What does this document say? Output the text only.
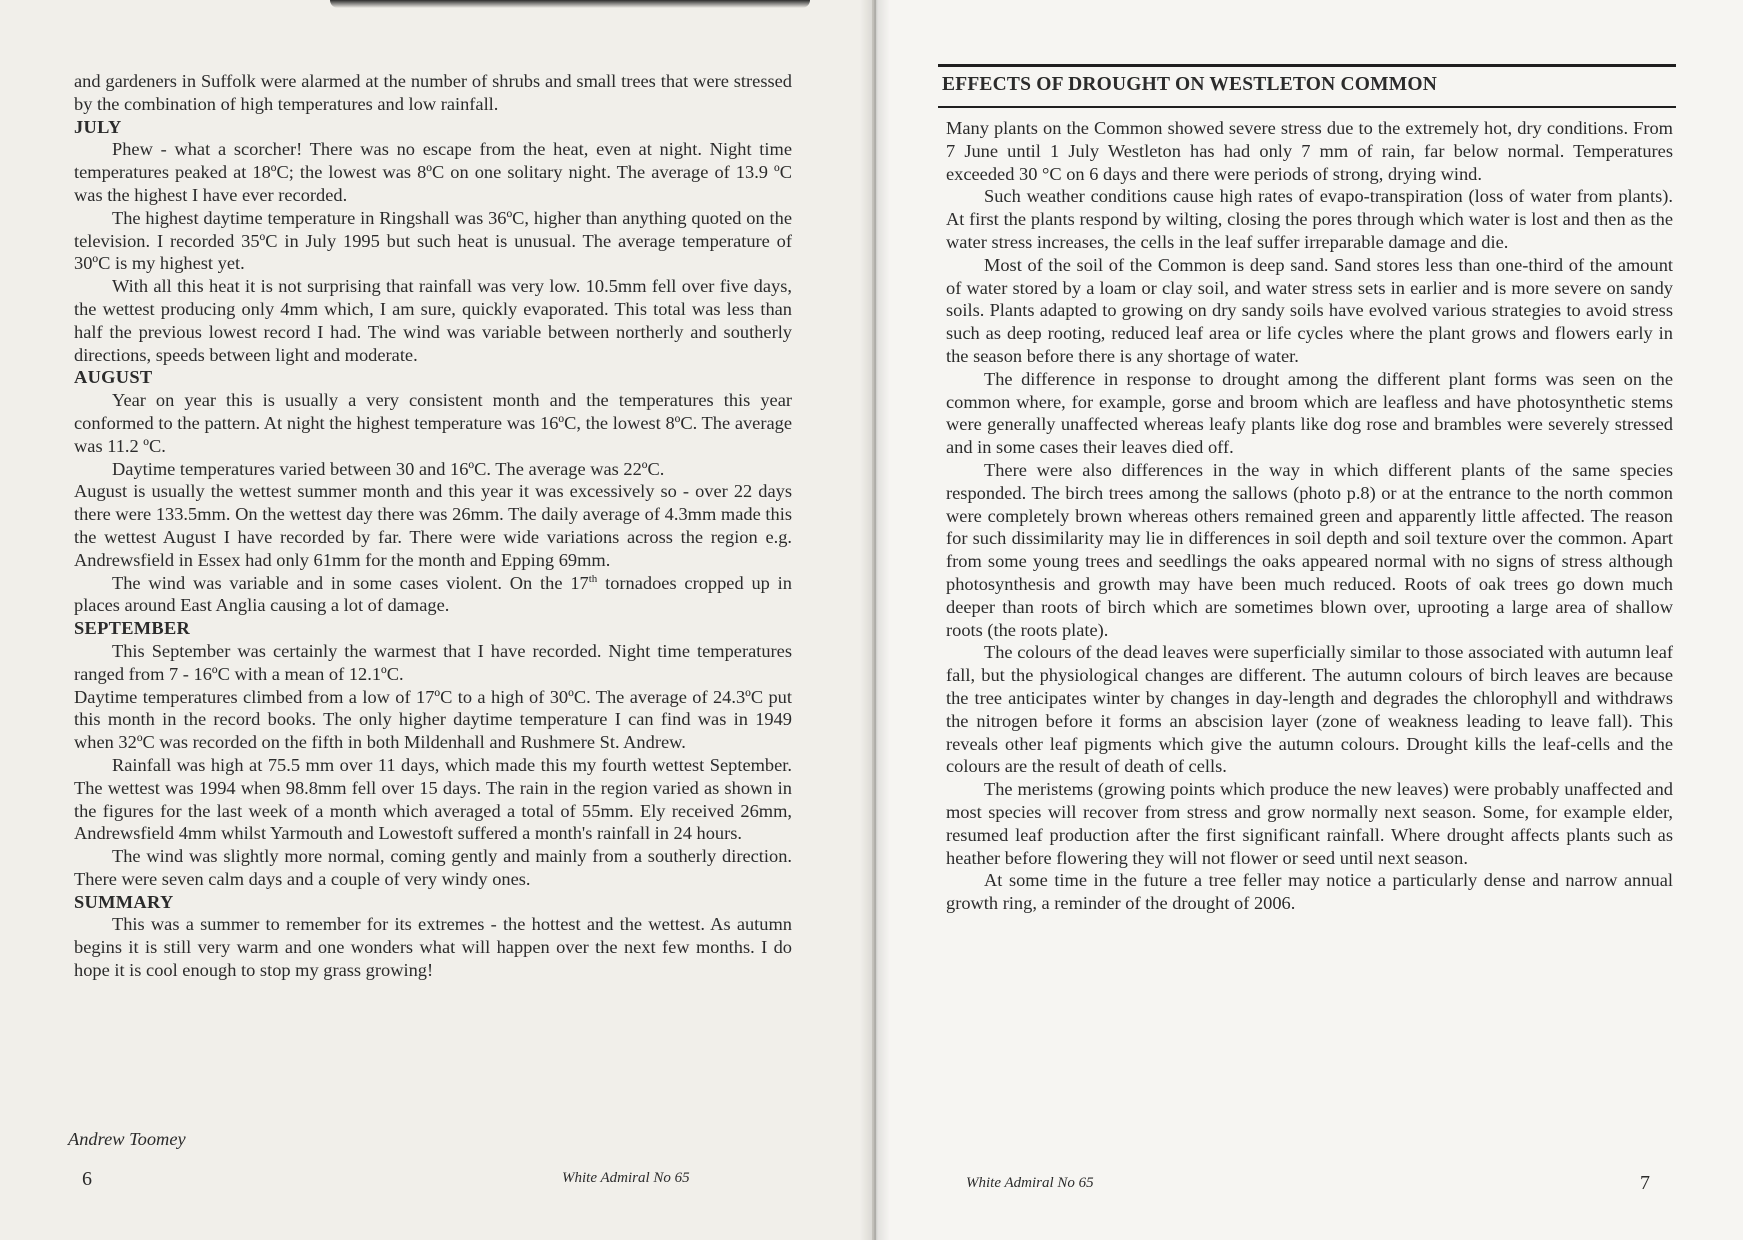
and gardeners in Suffolk were alarmed at the number of shrubs and small trees that were stressed by the combination of high temperatures and low rainfall.

JULY

Phew - what a scorcher! There was no escape from the heat, even at night. Night time temperatures peaked at 18ºC; the lowest was 8ºC on one solitary night. The average of 13.9 ºC was the highest I have ever recorded.

The highest daytime temperature in Ringshall was 36ºC, higher than anything quoted on the television. I recorded 35ºC in July 1995 but such heat is unusual. The average temperature of 30ºC is my highest yet.

With all this heat it is not surprising that rainfall was very low. 10.5mm fell over five days, the wettest producing only 4mm which, I am sure, quickly evaporated. This total was less than half the previous lowest record I had. The wind was variable between northerly and southerly directions, speeds between light and moderate.

AUGUST

Year on year this is usually a very consistent month and the temperatures this year conformed to the pattern. At night the highest temperature was 16ºC, the lowest 8ºC. The average was 11.2 ºC.

Daytime temperatures varied between 30 and 16ºC. The average was 22ºC.

August is usually the wettest summer month and this year it was excessively so - over 22 days there were 133.5mm. On the wettest day there was 26mm. The daily average of 4.3mm made this the wettest August I have recorded by far. There were wide variations across the region e.g. Andrewsfield in Essex had only 61mm for the month and Epping 69mm.

The wind was variable and in some cases violent. On the 17th tornadoes cropped up in places around East Anglia causing a lot of damage.

SEPTEMBER

This September was certainly the warmest that I have recorded. Night time temperatures ranged from 7 - 16ºC with a mean of 12.1ºC.

Daytime temperatures climbed from a low of 17ºC to a high of 30ºC. The average of 24.3ºC put this month in the record books. The only higher daytime temperature I can find was in 1949 when 32ºC was recorded on the fifth in both Mildenhall and Rushmere St. Andrew.

Rainfall was high at 75.5 mm over 11 days, which made this my fourth wettest September. The wettest was 1994 when 98.8mm fell over 15 days. The rain in the region varied as shown in the figures for the last week of a month which averaged a total of 55mm. Ely received 26mm, Andrewsfield 4mm whilst Yarmouth and Lowestoft suffered a month's rainfall in 24 hours.

The wind was slightly more normal, coming gently and mainly from a southerly direction. There were seven calm days and a couple of very windy ones.

SUMMARY

This was a summer to remember for its extremes - the hottest and the wettest. As autumn begins it is still very warm and one wonders what will happen over the next few months. I do hope it is cool enough to stop my grass growing!

Andrew Toomey
6	White Admiral No 65
EFFECTS OF DROUGHT ON WESTLETON COMMON

Many plants on the Common showed severe stress due to the extremely hot, dry conditions. From 7 June until 1 July Westleton has had only 7 mm of rain, far below normal. Temperatures exceeded 30 °C on 6 days and there were periods of strong, drying wind.

Such weather conditions cause high rates of evapo-transpiration (loss of water from plants). At first the plants respond by wilting, closing the pores through which water is lost and then as the water stress increases, the cells in the leaf suffer irreparable damage and die.

Most of the soil of the Common is deep sand. Sand stores less than one-third of the amount of water stored by a loam or clay soil, and water stress sets in earlier and is more severe on sandy soils. Plants adapted to growing on dry sandy soils have evolved various strategies to avoid stress such as deep rooting, reduced leaf area or life cycles where the plant grows and flowers early in the season before there is any shortage of water.

The difference in response to drought among the different plant forms was seen on the common where, for example, gorse and broom which are leafless and have photosynthetic stems were generally unaffected whereas leafy plants like dog rose and brambles were severely stressed and in some cases their leaves died off.

There were also differences in the way in which different plants of the same species responded. The birch trees among the sallows (photo p.8) or at the entrance to the north common were completely brown whereas others remained green and apparently little affected. The reason for such dissimilarity may lie in differences in soil depth and soil texture over the common. Apart from some young trees and seedlings the oaks appeared normal with no signs of stress although photosynthesis and growth may have been much reduced. Roots of oak trees go down much deeper than roots of birch which are sometimes blown over, uprooting a large area of shallow roots (the roots plate).

The colours of the dead leaves were superficially similar to those associated with autumn leaf fall, but the physiological changes are different. The autumn colours of birch leaves are because the tree anticipates winter by changes in day-length and degrades the chlorophyll and withdraws the nitrogen before it forms an abscision layer (zone of weakness leading to leave fall). This reveals other leaf pigments which give the autumn colours. Drought kills the leaf-cells and the colours are the result of death of cells.

The meristems (growing points which produce the new leaves) were probably unaffected and most species will recover from stress and grow normally next season. Some, for example elder, resumed leaf production after the first significant rainfall. Where drought affects plants such as heather before flowering they will not flower or seed until next season.

At some time in the future a tree feller may notice a particularly dense and narrow annual growth ring, a reminder of the drought of 2006.

White Admiral No 65	7
